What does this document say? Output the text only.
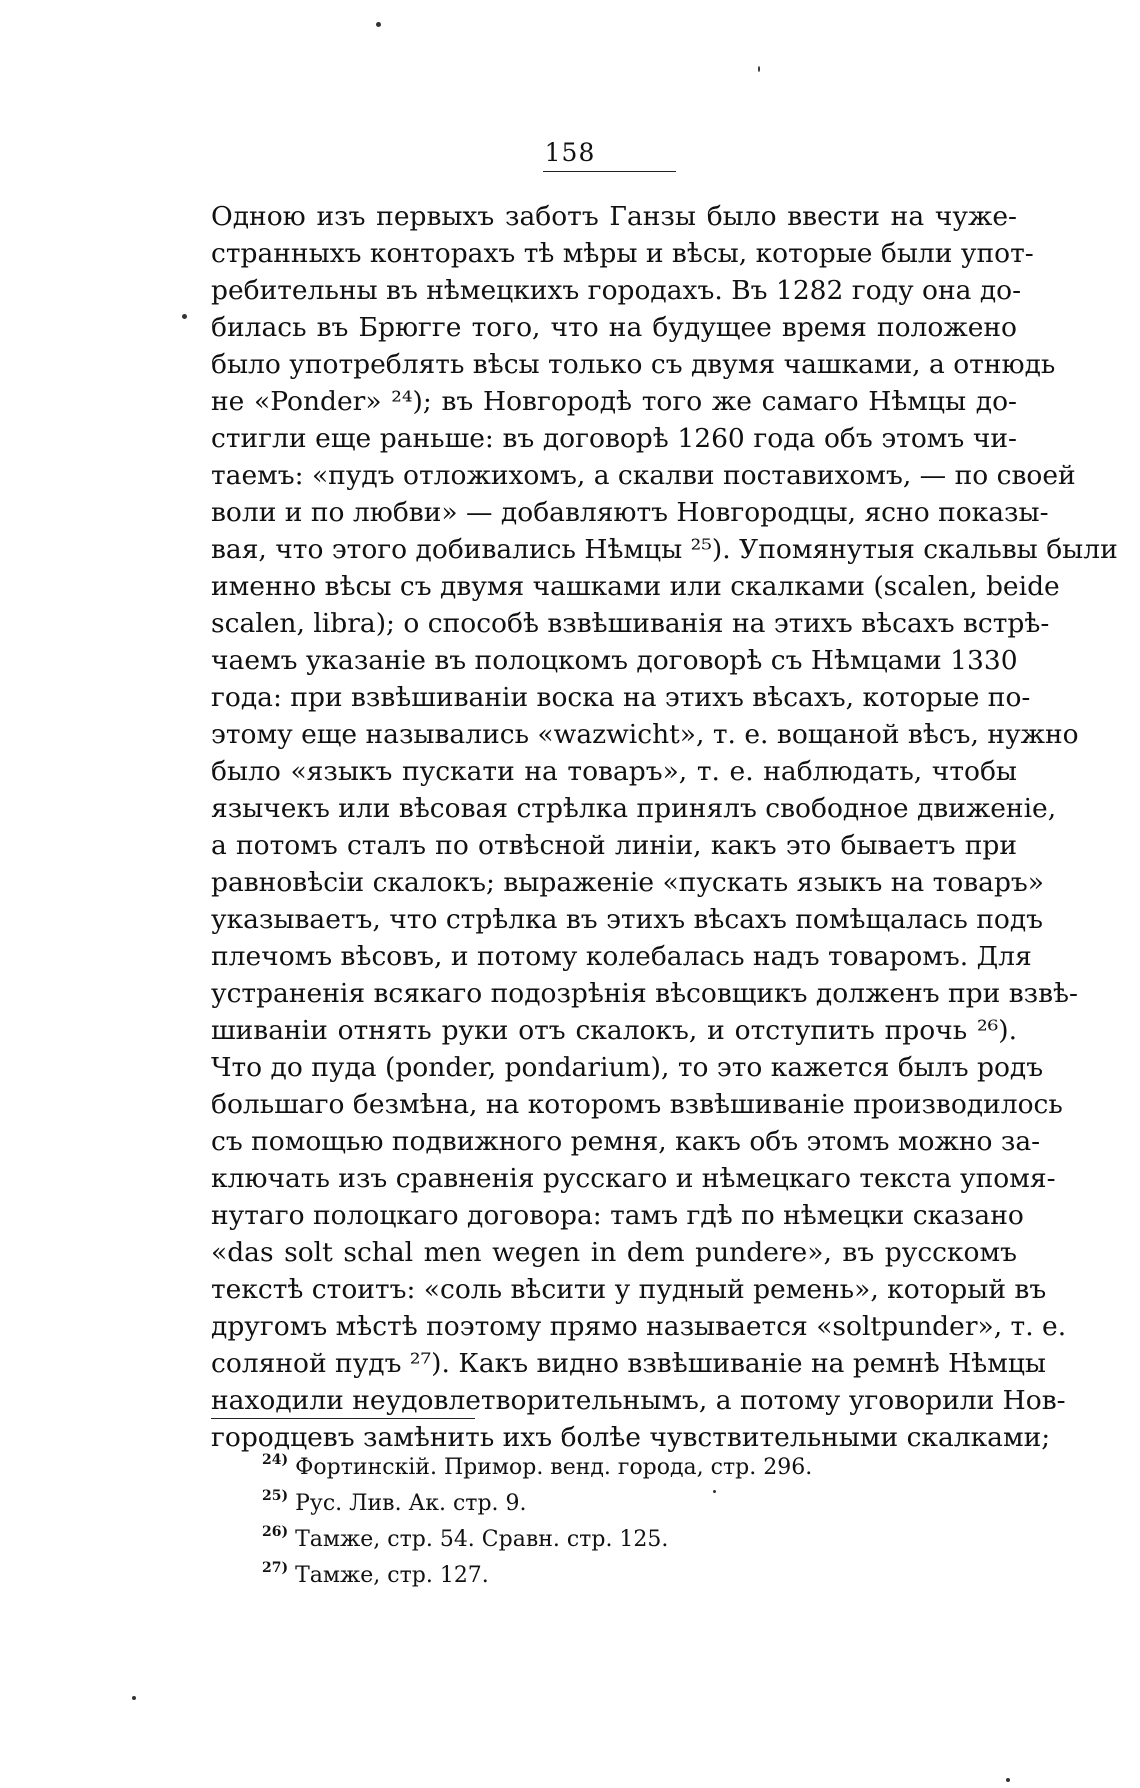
158
Одною изъ первыхъ заботъ Ганзы было ввести на чуже-
странныхъ конторахъ тѣ мѣры и вѣсы, которые были упот-
ребительны въ нѣмецкихъ городахъ. Въ 1282 году она до-
билась въ Брюгге того, что на будущее время положено
было употреблять вѣсы только съ двумя чашками, а отнюдь
не «Ponder» ²⁴); въ Новгородѣ того же самаго Нѣмцы до-
стигли еще раньше: въ договорѣ 1260 года объ этомъ чи-
таемъ: «пудъ отложихомъ, а скалви поставихомъ, — по своей
воли и по любви» — добавляютъ Новгородцы, ясно показы-
вая, что этого добивались Нѣмцы ²⁵). Упомянутыя скальвы были
именно вѣсы съ двумя чашками или скалками (scalen, beide
scalen, libra); о способѣ взвѣшиванія на этихъ вѣсахъ встрѣ-
чаемъ указаніе въ полоцкомъ договорѣ съ Нѣмцами 1330
года: при взвѣшиваніи воска на этихъ вѣсахъ, которые по-
этому еще назывались «wazwicht», т. е. вощаной вѣсъ, нужно
было «языкъ пускати на товаръ», т. е. наблюдать, чтобы
язычекъ или вѣсовая стрѣлка принялъ свободное движеніе,
а потомъ сталъ по отвѣсной линіи, какъ это бываетъ при
равновѣсіи скалокъ; выраженіе «пускать языкъ на товаръ»
указываетъ, что стрѣлка въ этихъ вѣсахъ помѣщалась подъ
плечомъ вѣсовъ, и потому колебалась надъ товаромъ. Для
устраненія всякаго подозрѣнія вѣсовщикъ долженъ при взвѣ-
шиваніи отнять руки отъ скалокъ, и отступить прочь ²⁶).
Что до пуда (ponder, pondarium), то это кажется былъ родъ
большаго безмѣна, на которомъ взвѣшиваніе производилось
съ помощью подвижного ремня, какъ объ этомъ можно за-
ключать изъ сравненія русскаго и нѣмецкаго текста упомя-
нутаго полоцкаго договора: тамъ гдѣ по нѣмецки сказано
«das solt schal men wegen in dem pundere», въ русскомъ
текстѣ стоитъ: «соль вѣсити у пудный ремень», который въ
другомъ мѣстѣ поэтому прямо называется «soltpunder», т. е.
соляной пудъ ²⁷). Какъ видно взвѣшиваніе на ремнѣ Нѣмцы
находили неудовлетворительнымъ, а потому уговорили Нов-
городцевъ замѣнить ихъ болѣе чувствительными скалками;
$^{24)}$ Фортинскій. Примор. венд. города, стр. 296.
$^{25)}$ Рус. Лив. Ак. стр. 9.
$^{26)}$ Тамже, стр. 54. Сравн. стр. 125.
$^{27)}$ Тамже, стр. 127.
